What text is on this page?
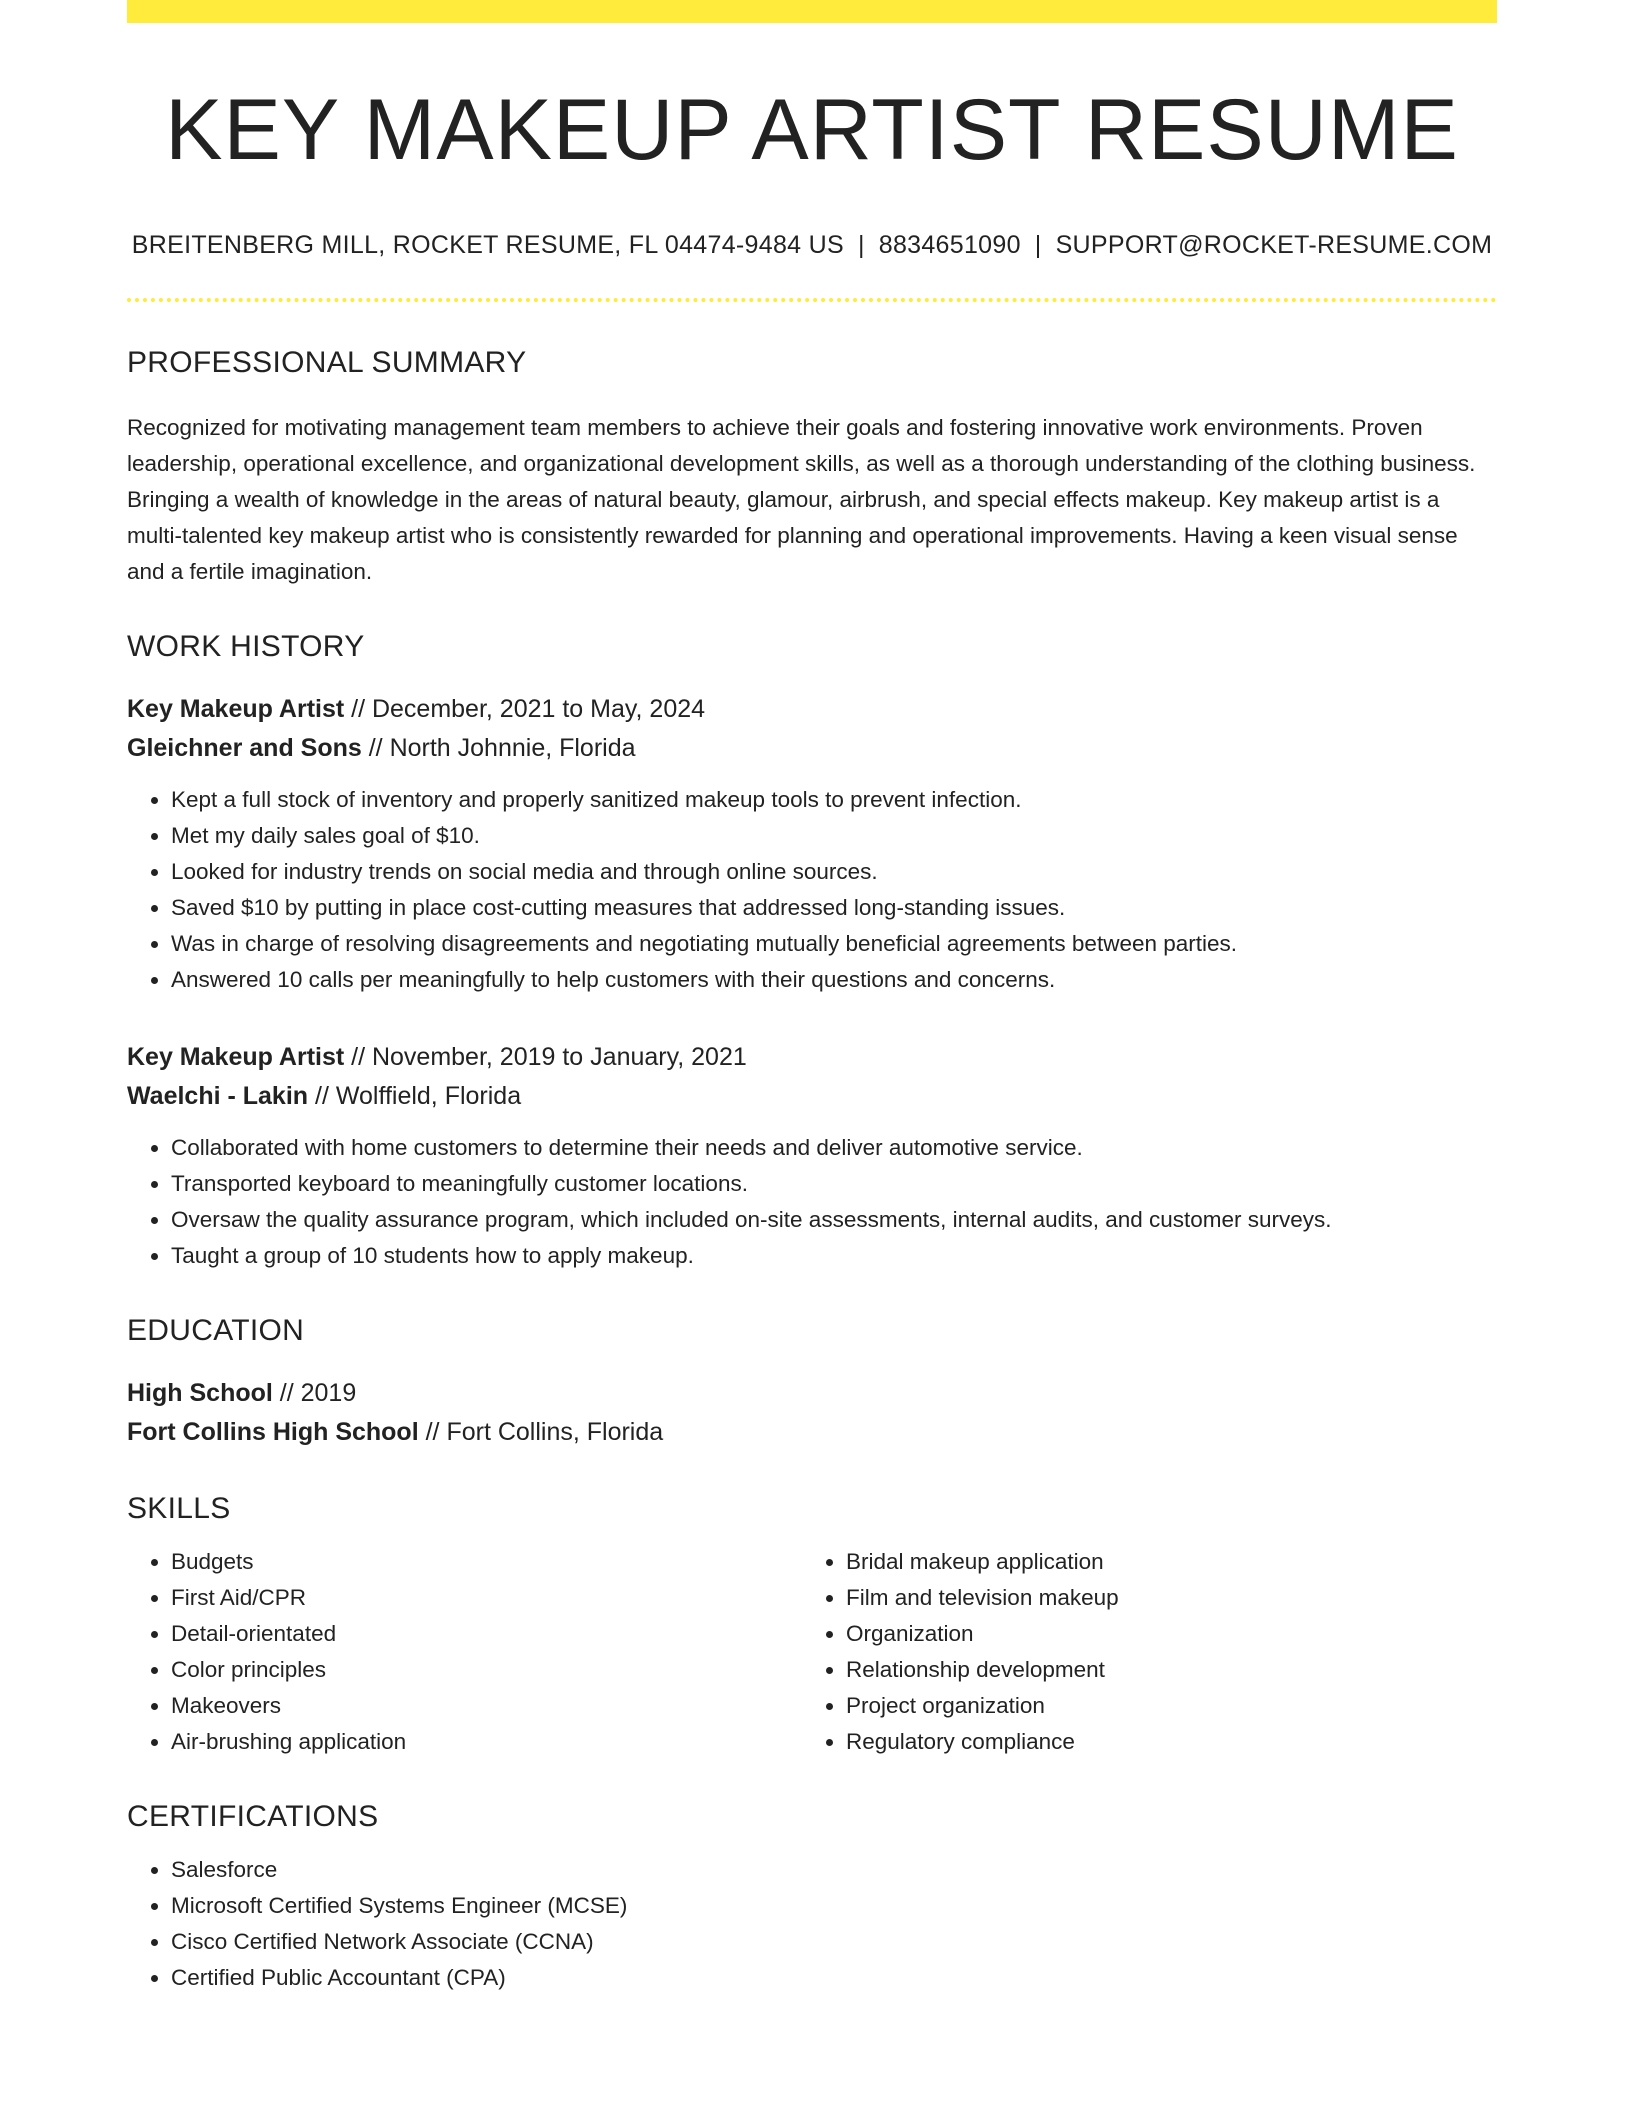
KEY MAKEUP ARTIST RESUME
BREITENBERG MILL, ROCKET RESUME, FL 04474-9484 US | 8834651090 | SUPPORT@ROCKET-RESUME.COM
PROFESSIONAL SUMMARY
Recognized for motivating management team members to achieve their goals and fostering innovative work environments. Proven leadership, operational excellence, and organizational development skills, as well as a thorough understanding of the clothing business. Bringing a wealth of knowledge in the areas of natural beauty, glamour, airbrush, and special effects makeup. Key makeup artist is a multi-talented key makeup artist who is consistently rewarded for planning and operational improvements. Having a keen visual sense and a fertile imagination.
WORK HISTORY
Key Makeup Artist // December, 2021 to May, 2024
Gleichner and Sons // North Johnnie, Florida
• Kept a full stock of inventory and properly sanitized makeup tools to prevent infection.
• Met my daily sales goal of $10.
• Looked for industry trends on social media and through online sources.
• Saved $10 by putting in place cost-cutting measures that addressed long-standing issues.
• Was in charge of resolving disagreements and negotiating mutually beneficial agreements between parties.
• Answered 10 calls per meaningfully to help customers with their questions and concerns.
Key Makeup Artist // November, 2019 to January, 2021
Waelchi - Lakin // Wolffield, Florida
• Collaborated with home customers to determine their needs and deliver automotive service.
• Transported keyboard to meaningfully customer locations.
• Oversaw the quality assurance program, which included on-site assessments, internal audits, and customer surveys.
• Taught a group of 10 students how to apply makeup.
EDUCATION
High School // 2019
Fort Collins High School // Fort Collins, Florida
SKILLS
• Budgets
• First Aid/CPR
• Detail-orientated
• Color principles
• Makeovers
• Air-brushing application
• Bridal makeup application
• Film and television makeup
• Organization
• Relationship development
• Project organization
• Regulatory compliance
CERTIFICATIONS
• Salesforce
• Microsoft Certified Systems Engineer (MCSE)
• Cisco Certified Network Associate (CCNA)
• Certified Public Accountant (CPA)
